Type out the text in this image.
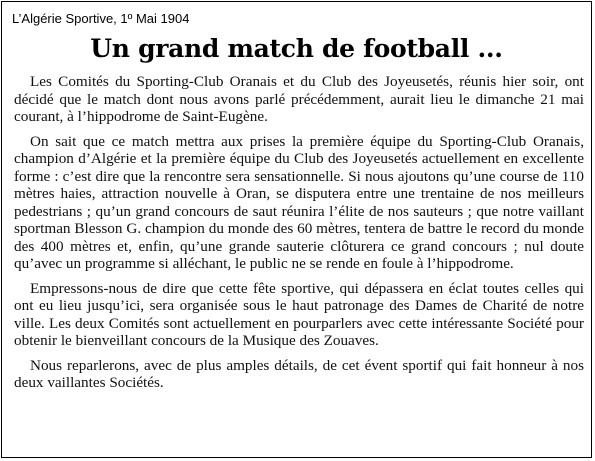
L’Algérie Sportive, 1º Mai 1904
Un grand match de football ...

Les Comités du Sporting-Club Oranais et du Club des Joyeusetés, réunis hier soir, ont décidé que le match dont nous avons parlé précédemment, aurait lieu le dimanche 21 mai courant, à l’hippodrome de Saint-Eugène.

On sait que ce match mettra aux prises la première équipe du Sporting-Club Oranais, champion d’Algérie et la première équipe du Club des Joyeusetés actuellement en excellente forme : c’est dire que la rencontre sera sensationnelle. Si nous ajoutons qu’une course de 110 mètres haies, attraction nouvelle à Oran, se disputera entre une trentaine de nos meilleurs pedestrians ; qu’un grand concours de saut réunira l’élite de nos sauteurs ; que notre vaillant sportman Blesson G. champion du monde des 60 mètres, tentera de battre le record du monde des 400 mètres et, enfin, qu’une grande sauterie clôturera ce grand concours ; nul doute qu’avec un programme si alléchant, le public ne se rende en foule à l’hippodrome.

Empressons-nous de dire que cette fête sportive, qui dépassera en éclat toutes celles qui ont eu lieu jusqu’ici, sera organisée sous le haut patronage des Dames de Charité de notre ville. Les deux Comités sont actuellement en pourparlers avec cette intéressante Société pour obtenir le bienveillant concours de la Musique des Zouaves.

Nous reparlerons, avec de plus amples détails, de cet évent sportif qui fait honneur à nos deux vaillantes Sociétés.
